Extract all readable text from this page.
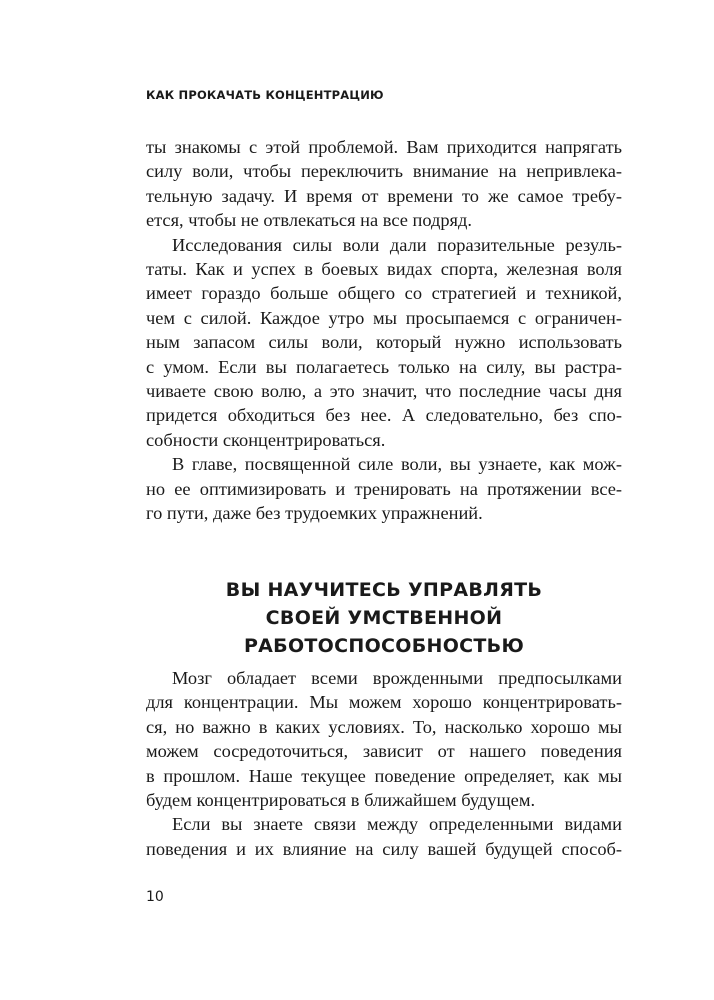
КАК ПРОКАЧАТЬ КОНЦЕНТРАЦИЮ

ты знакомы с этой проблемой. Вам приходится напрягать
силу воли, чтобы переключить внимание на непривлека-
тельную задачу. И время от времени то же самое требу-
ется, чтобы не отвлекаться на все подряд.

Исследования силы воли дали поразительные резуль-
таты. Как и успех в боевых видах спорта, железная воля
имеет гораздо больше общего со стратегией и техникой,
чем с силой. Каждое утро мы просыпаемся с ограничен-
ным запасом силы воли, который нужно использовать
с умом. Если вы полагаетесь только на силу, вы растра-
чиваете свою волю, а это значит, что последние часы дня
придется обходиться без нее. А следовательно, без спо-
собности сконцентрироваться.

В главе, посвященной силе воли, вы узнаете, как мож-
но ее оптимизировать и тренировать на протяжении все-
го пути, даже без трудоемких упражнений.

ВЫ НАУЧИТЕСЬ УПРАВЛЯТЬ
СВОЕЙ УМСТВЕННОЙ
РАБОТОСПОСОБНОСТЬЮ

Мозг обладает всеми врожденными предпосылками
для концентрации. Мы можем хорошо концентрировать-
ся, но важно в каких условиях. То, насколько хорошо мы
можем сосредоточиться, зависит от нашего поведения
в прошлом. Наше текущее поведение определяет, как мы
будем концентрироваться в ближайшем будущем.

Если вы знаете связи между определенными видами
поведения и их влияние на силу вашей будущей способ-

10
